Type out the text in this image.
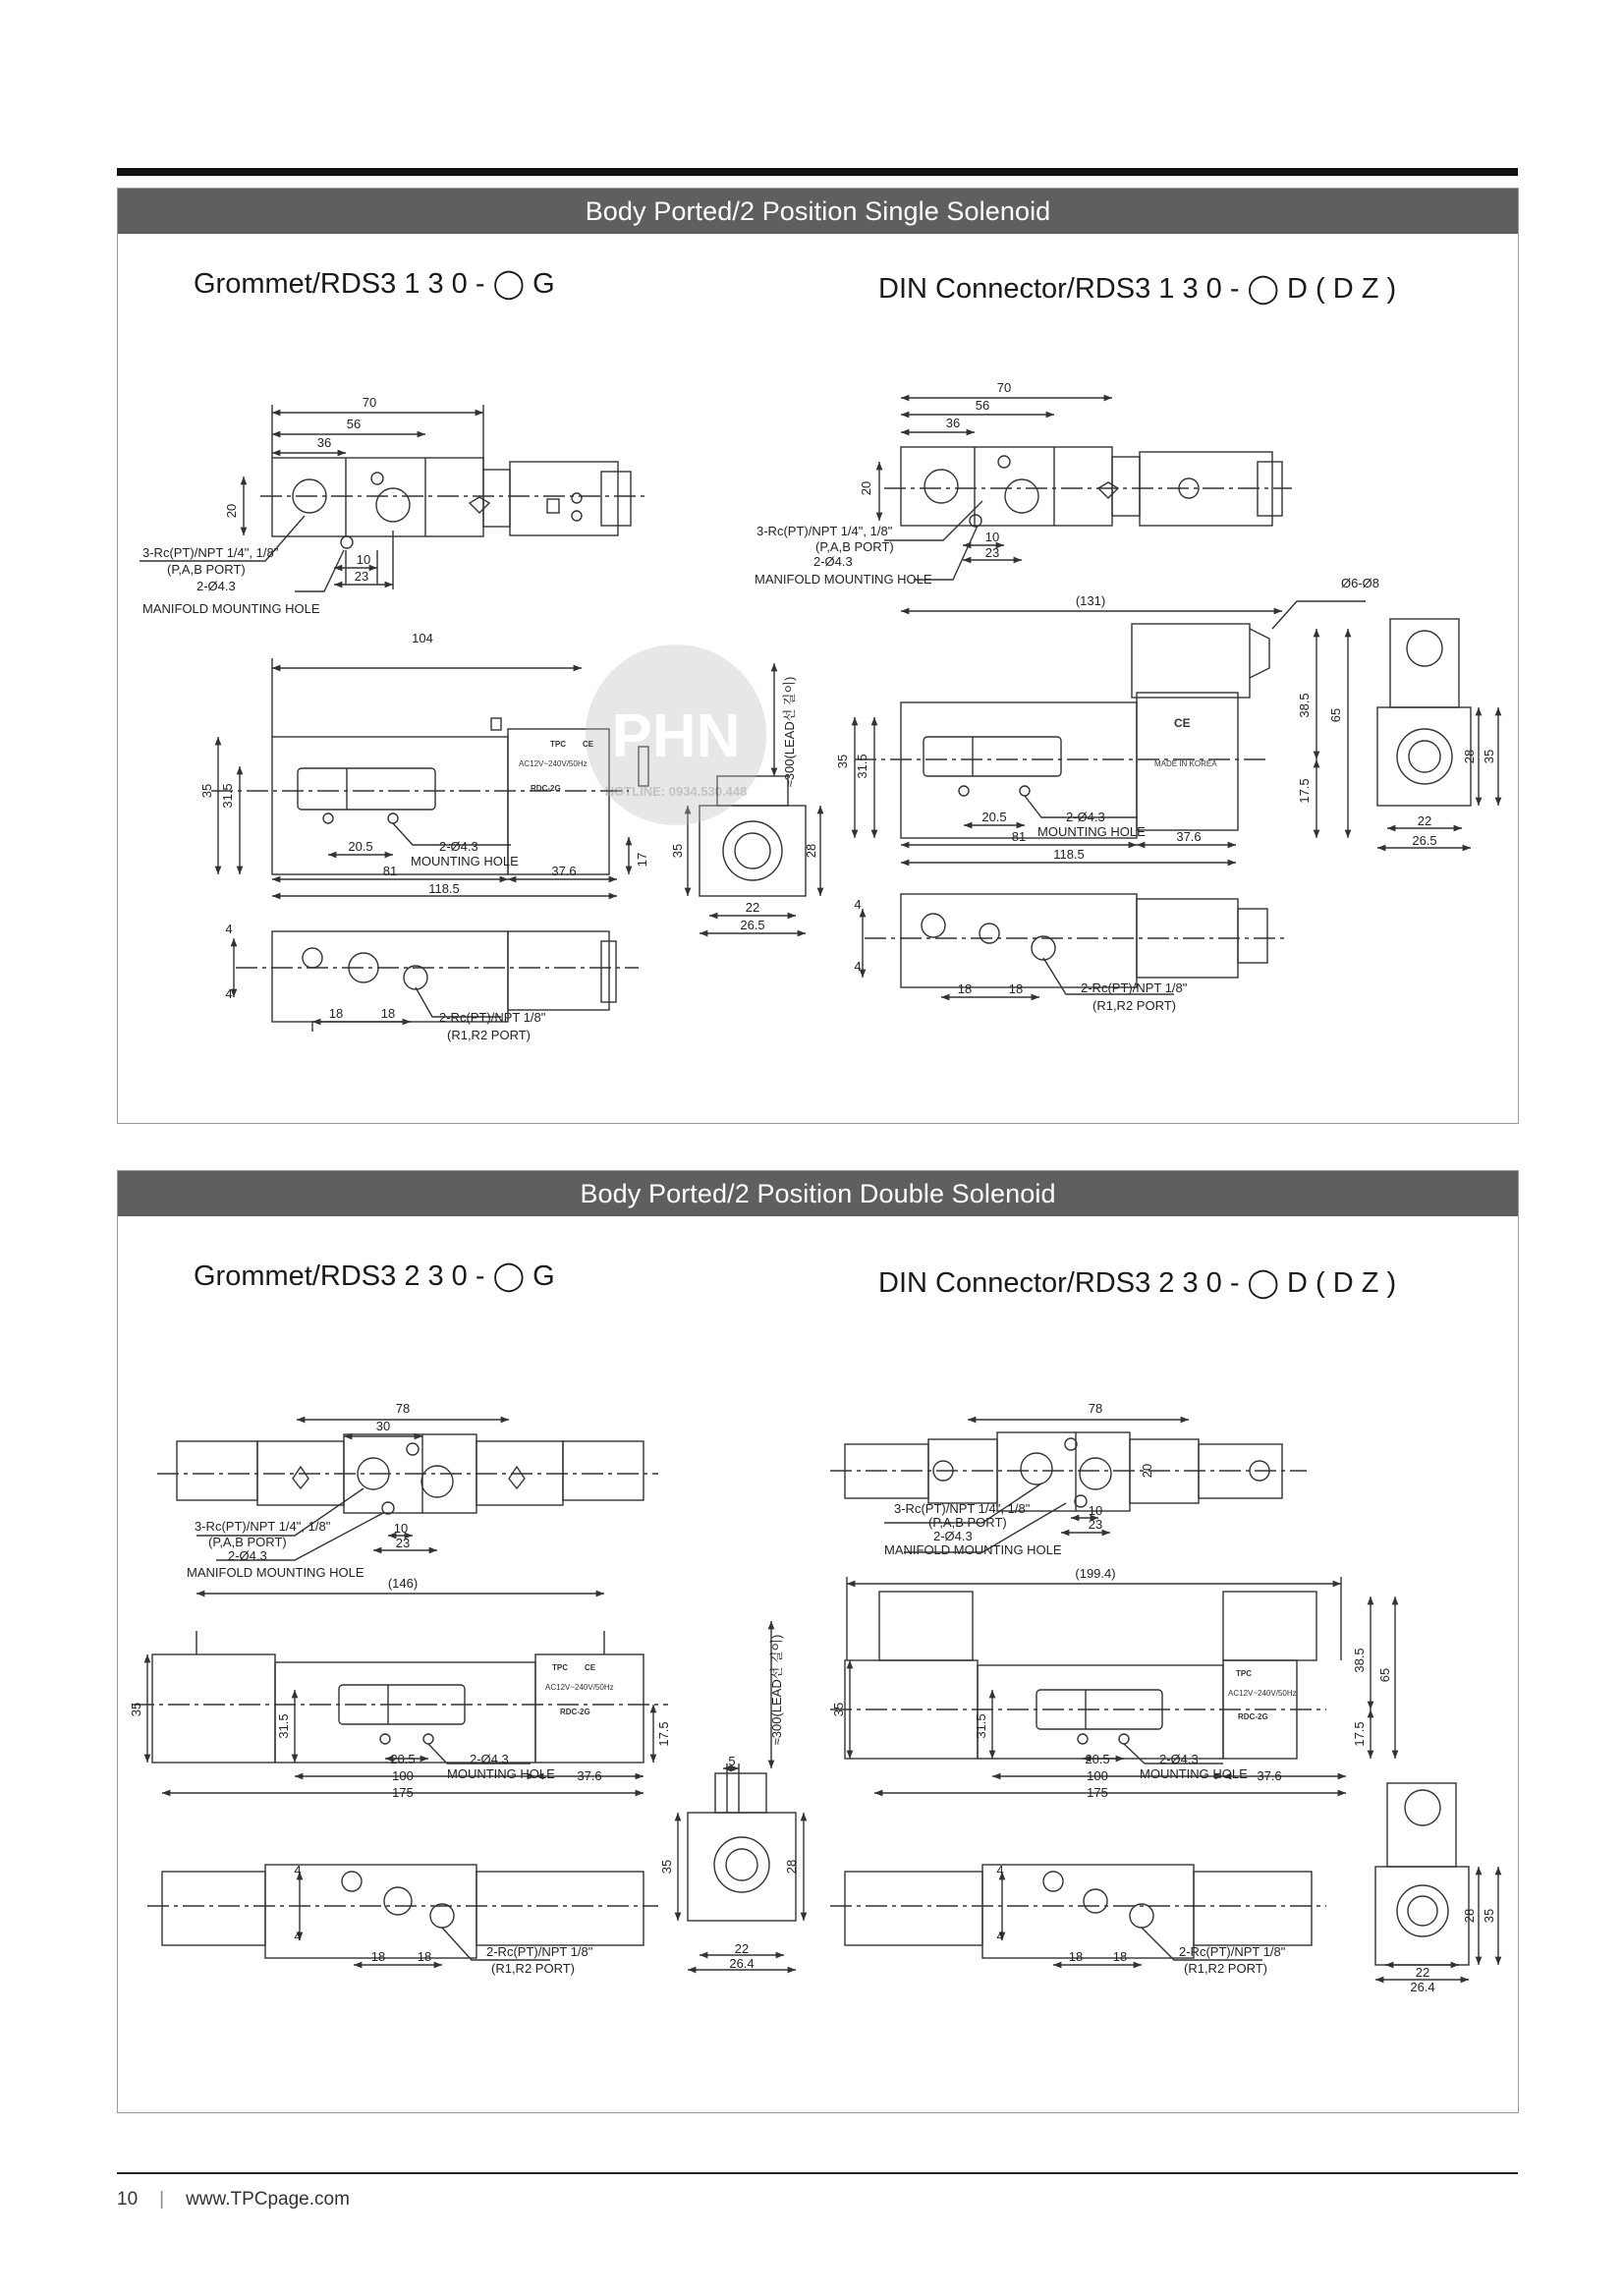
Body Ported/2 Position Single Solenoid
Grommet/RDS3 1 3 0 - ◯ G	DIN Connector/RDS3 1 3 0 - ◯ D ( D Z )
Body Ported/2 Position Double Solenoid
Grommet/RDS3 2 3 0 - ◯ G	DIN Connector/RDS3 2 3 0 - ◯ D ( D Z )
PHN
HOTLINE: 0934.530.448
70
56
36
20
10
23
3-Rc(PT)/NPT 1/4", 1/8"
(P,A,B PORT)
2-Ø4.3
MANIFOLD MOUNTING HOLE
104
35 31.5
17
20.5	2-Ø4.3
MOUNTING HOLE
81	37.6
118.5
≈300(LEAD선 길이)
35	28
22
26.5
4
4
18	18	2-Rc(PT)/NPT 1/8"
(R1,R2 PORT)
70
56
36
20
10
23
3-Rc(PT)/NPT 1/4", 1/8"
(P,A,B PORT)
2-Ø4.3
MANIFOLD MOUNTING HOLE
(131)
Ø6-Ø8
35 31.5
38.5 65
17.5
20.5	2-Ø4.3
MOUNTING HOLE
81	37.6
118.5
28 35
22
26.5
4
4
18	18	2-Rc(PT)/NPT 1/8"
(R1,R2 PORT)
78
30
10
23
3-Rc(PT)/NPT 1/4", 1/8"
(P,A,B PORT)
2-Ø4.3
MANIFOLD MOUNTING HOLE
(146)
35
31.5	17.5
20.5	2-Ø4.3
100	MOUNTING HOLE 37.6
175
≈300(LEAD선 길이)
5
35	28
22
26.4
4
4
18	18	2-Rc(PT)/NPT 1/8"
(R1,R2 PORT)
78
20
10
23
3-Rc(PT)/NPT 1/4", 1/8"
(P,A,B PORT)
2-Ø4.3
MANIFOLD MOUNTING HOLE
(199.4)
35
31.5
38.5
65
17.5
20.5	2-Ø4.3
100 MOUNTING HOLE 37.6
175
4
4
18 18	2-Rc(PT)/NPT 1/8"
(R1,R2 PORT)
28 35
22
26.4
TPC CE
AC12V~240V/50Hz
RDC-2G
CE
MADE IN KOREA
TPC CE
AC12V~240V/50Hz
RDC-2G
TPC
AC12V~240V/50Hz
RDC-2G
10 | www.TPCpage.com
